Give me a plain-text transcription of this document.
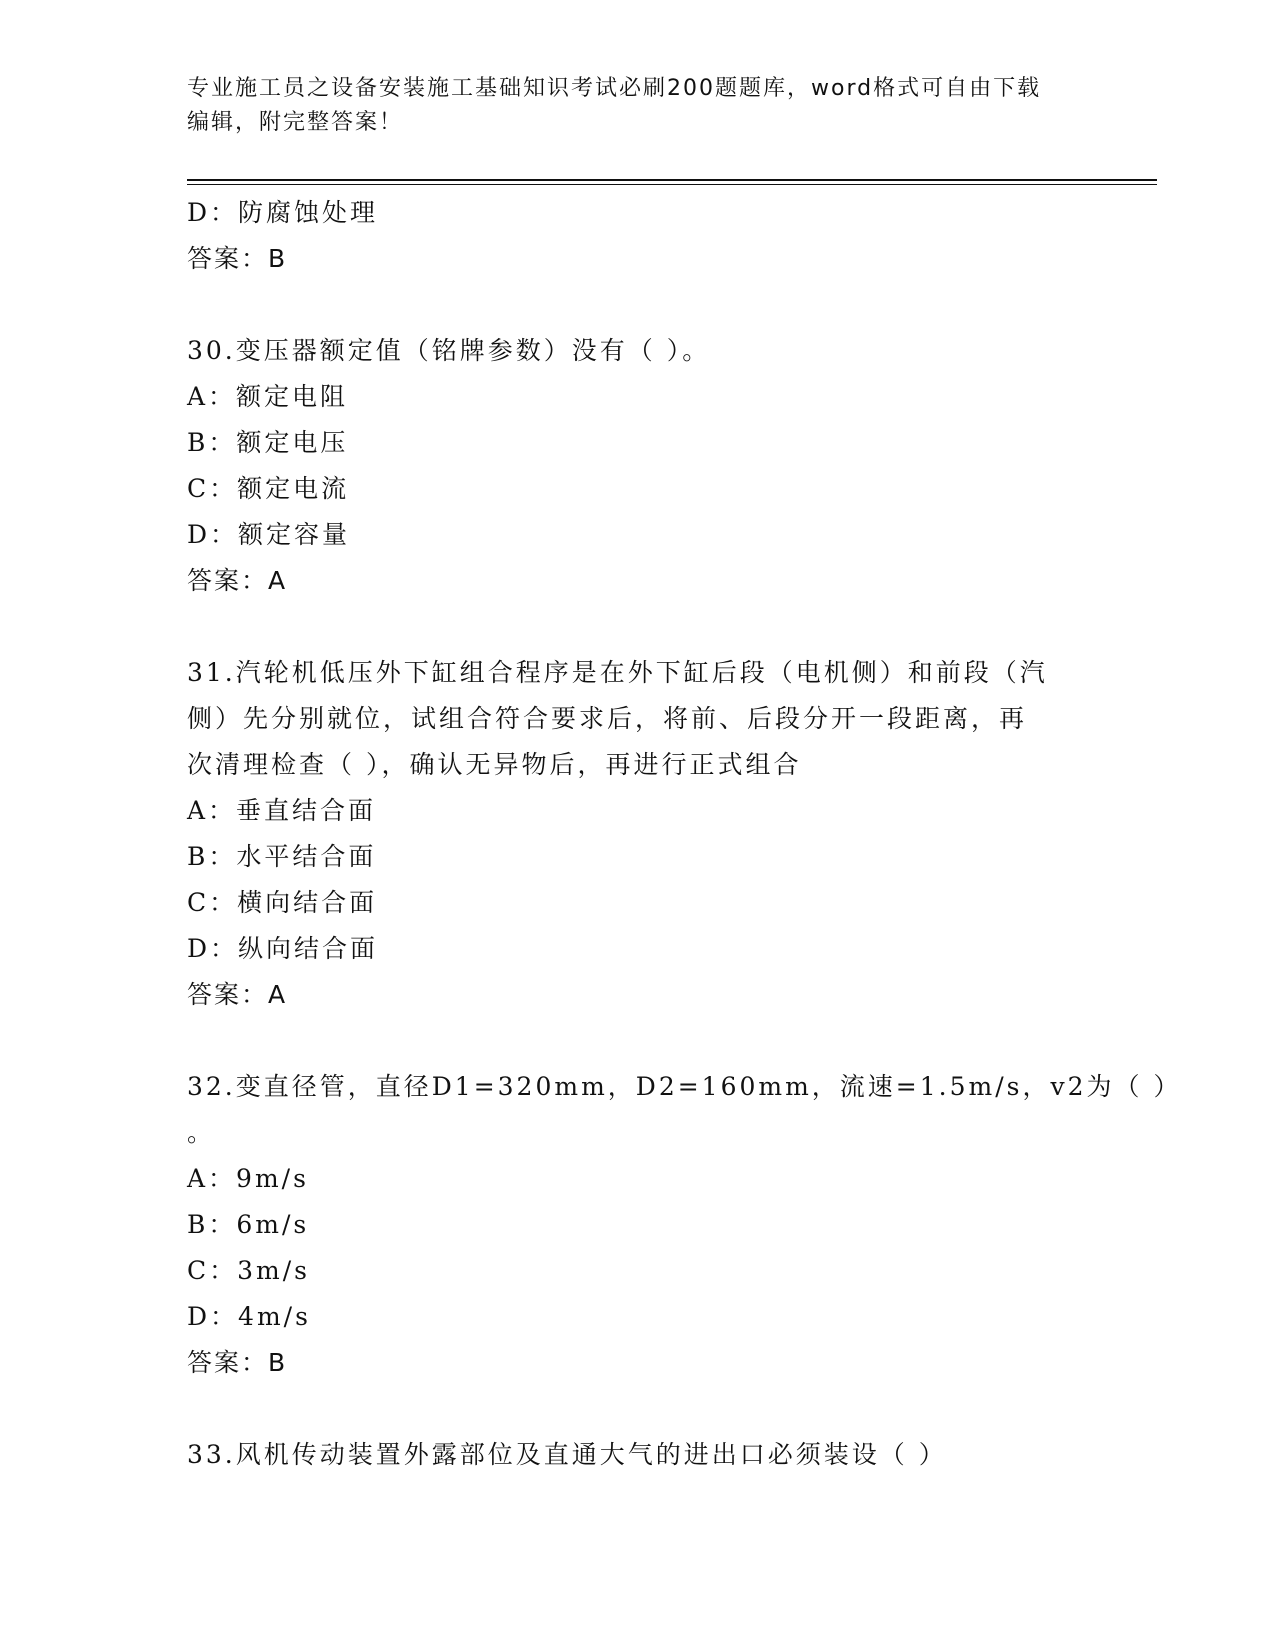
专业施工员之设备安装施工基础知识考试必刷200题题库，word格式可自由下载
编辑，附完整答案！
D：防腐蚀处理
答案：B
30.变压器额定值（铭牌参数）没有（ ）。
A：额定电阻
B：额定电压
C：额定电流
D：额定容量
答案：A
31.汽轮机低压外下缸组合程序是在外下缸后段（电机侧）和前段（汽
侧）先分别就位，试组合符合要求后，将前、后段分开一段距离，再
次清理检查（ ），确认无异物后，再进行正式组合
A：垂直结合面
B：水平结合面
C：横向结合面
D：纵向结合面
答案：A
32.变直径管，直径D1=320mm，D2=160mm，流速=1.5m/s，v2为（ ）
。
A：9m/s
B：6m/s
C：3m/s
D：4m/s
答案：B
33.风机传动装置外露部位及直通大气的进出口必须装设（ ）
